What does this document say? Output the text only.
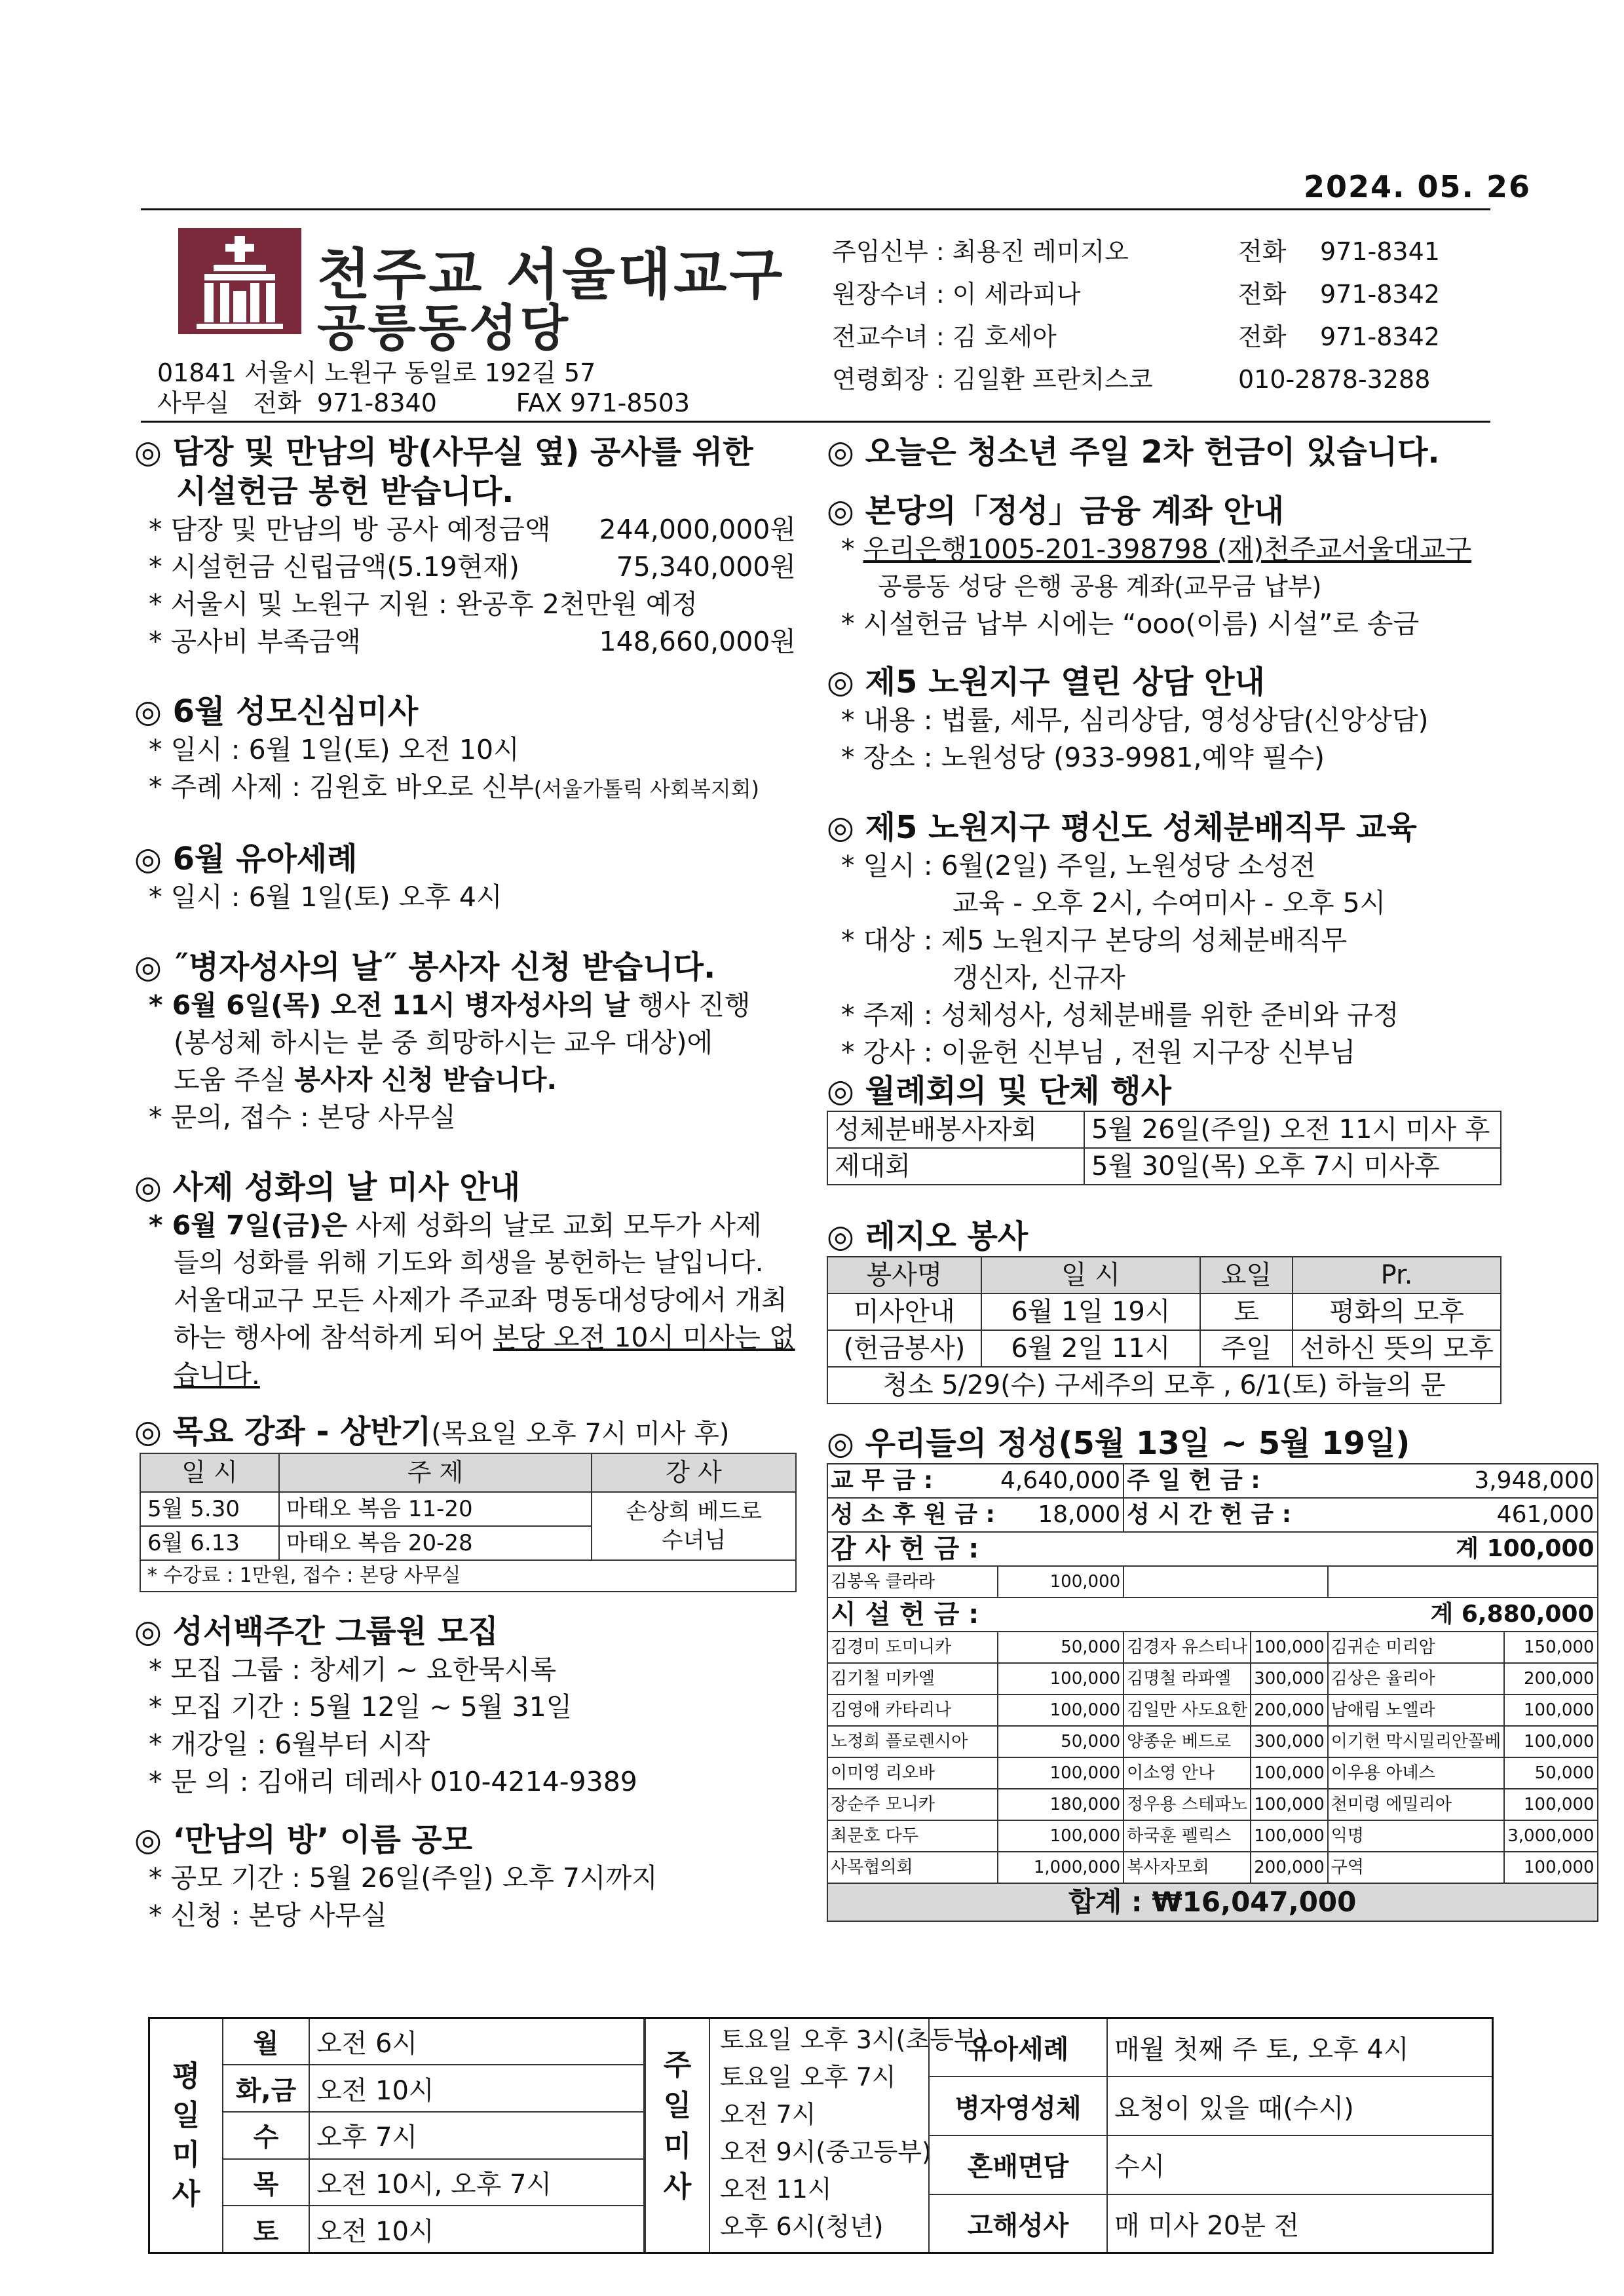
2024. 05. 26
천주교 서울대교구
공릉동성당
01841 서울시 노원구 동일로 192길 57
사무실   전화  971-8340          FAX 971-8503
주임신부 : 최용진 레미지오	전화 971-8341
원장수녀 : 이 세라피나	전화 971-8342
전교수녀 : 김 호세아	전화 971-8342
연령회장 : 김일환 프란치스코	010-2878-3288
◎ 담장 및 만남의 방(사무실 옆) 공사를 위한
시설헌금 봉헌 받습니다.
* 담장 및 만남의 방 공사 예정금액 244,000,000원
* 시설헌금 신립금액(5.19현재)	75,340,000원
* 서울시 및 노원구 지원 : 완공후 2천만원 예정
* 공사비 부족금액	148,660,000원
◎ 6월 성모신심미사
* 일시 : 6월 1일(토) 오전 10시
* 주례 사제 : 김원호 바오로 신부(서울가톨릭 사회복지회)
◎ 6월 유아세례
* 일시 : 6월 1일(토) 오후 4시
◎ ˝병자성사의 날˝ 봉사자 신청 받습니다.
* 6월 6일(목) 오전 11시 병자성사의 날 행사 진행
(봉성체 하시는 분 중 희망하시는 교우 대상)에
도움 주실 봉사자 신청 받습니다.
* 문의, 접수 : 본당 사무실
◎ 사제 성화의 날 미사 안내
* 6월 7일(금)은 사제 성화의 날로 교회 모두가 사제
들의 성화를 위해 기도와 희생을 봉헌하는 날입니다.
서울대교구 모든 사제가 주교좌 명동대성당에서 개최
하는 행사에 참석하게 되어 본당 오전 10시 미사는 없
습니다.
◎ 목요 강좌 - 상반기(목요일 오후 7시 미사 후)
일 시	주 제	강 사
5월 5.30	마태오 복음 11-20	손상희 베드로
수녀님

6월 6.13	마태오 복음 20-28	
* 수강료 : 1만원, 접수 : 본당 사무실		
◎ 성서백주간 그룹원 모집
* 모집 그룹 : 창세기 ~ 요한묵시록
* 모집 기간 : 5월 12일 ~ 5월 31일
* 개강일 : 6월부터 시작
* 문 의 : 김애리 데레사 010-4214-9389
◎ ‘만남의 방’ 이름 공모
* 공모 기간 : 5월 26일(주일) 오후 7시까지
* 신청 : 본당 사무실
◎ 오늘은 청소년 주일 2차 헌금이 있습니다.
◎ 본당의「정성」금융 계좌 안내
* 우리은행1005-201-398798 (재)천주교서울대교구
공릉동 성당 은행 공용 계좌(교무금 납부)
* 시설헌금 납부 시에는 “ooo(이름) 시설”로 송금
◎ 제5 노원지구 열린 상담 안내
* 내용 : 법률, 세무, 심리상담, 영성상담(신앙상담)
* 장소 : 노원성당 (933-9981,예약 필수)
◎ 제5 노원지구 평신도 성체분배직무 교육
* 일시 : 6월(2일) 주일, 노원성당 소성전
교육 - 오후 2시, 수여미사 - 오후 5시
* 대상 : 제5 노원지구 본당의 성체분배직무
갱신자, 신규자
* 주제 : 성체성사, 성체분배를 위한 준비와 규정
* 강사 : 이윤헌 신부님 , 전원 지구장 신부님
◎ 월례회의 및 단체 행사
성체분배봉사자회	5월 26일(주일) 오전 11시 미사 후
제대회	5월 30일(목) 오후 7시 미사후
◎ 레지오 봉사
봉사명	일 시	요일	Pr.
미사안내	6월 1일 19시	토	평화의 모후
(헌금봉사)	6월 2일 11시	주일	선하신 뜻의 모후
청소 5/29(수) 구세주의 모후 , 6/1(토) 하늘의 문			
◎ 우리들의 정성(5월 13일 ~ 5월 19일)
교 무 금 :	4,640,000	주 일 헌 금 :		3,948,000	
성 소 후 원 금 :	18,000	성 시 간 헌 금 :		461,000	
감 사 헌 금 :				계 100,000	
김봉옥 클라라	100,000				
시 설 헌 금 :				계 6,880,000	
김경미 도미니카	50,000	김경자 유스티나	100,000	김귀순 미리암	150,000
김기철 미카엘	100,000	김명철 라파엘	300,000	김상은 율리아	200,000
김영애 카타리나	100,000	김일만 사도요한	200,000	남애림 노엘라	100,000
노정희 플로렌시아	50,000	양종운 베드로	300,000	이기헌 막시밀리안꼴베	100,000
이미영 리오바	100,000	이소영 안나	100,000	이우용 아녜스	50,000
장순주 모니카	180,000	정우용 스테파노	100,000	천미령 에밀리아	100,000
최문호 다두	100,000	하국훈 펠릭스	100,000	익명	3,000,000
사목협의회	1,000,000	복사자모회	200,000	구역	100,000
합계 : ₩16,047,000					
평
일
미
사	월	오전 6시
	화,금	오전 10시
	수	오후 7시
	목	오전 10시, 오후 7시
	토	오전 10시
주
일
미
사
토요일 오후 3시(초등부)
토요일 오후 7시
오전 7시
오전 9시(중고등부)
오전 11시
오후 6시(청년)
유아세례	매월 첫째 주 토, 오후 4시
병자영성체	요청이 있을 때(수시)
혼배면담	수시
고해성사	매 미사 20분 전
